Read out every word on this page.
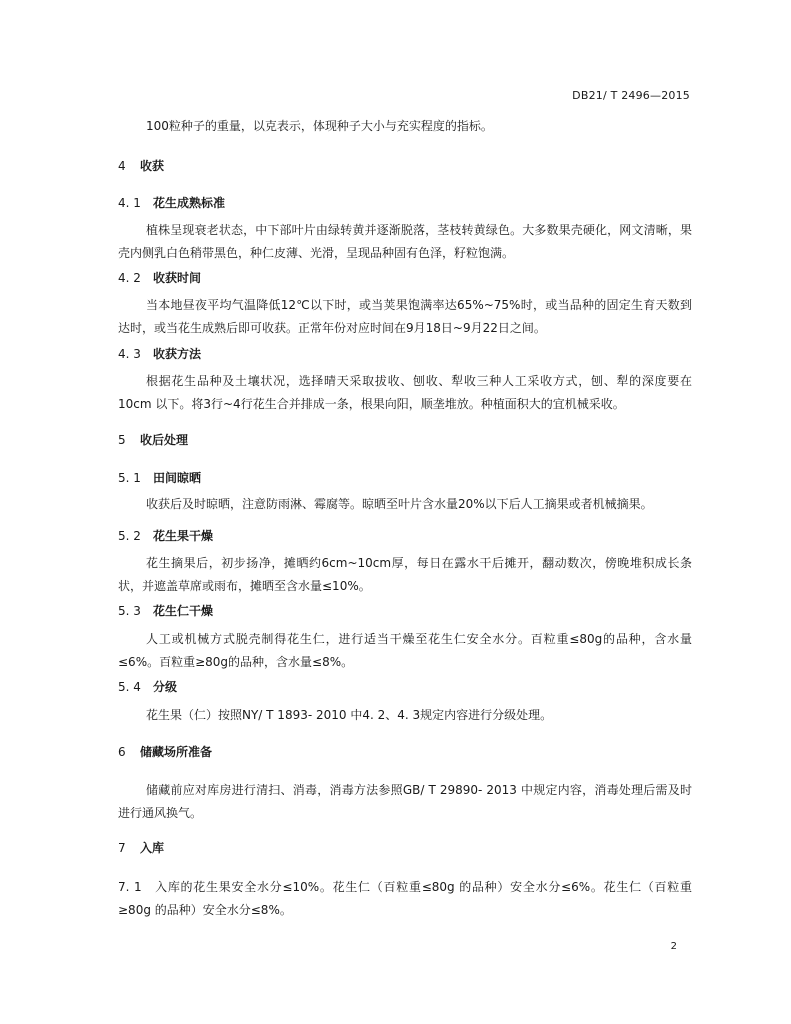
DB21/ T 2496—2015
100粒种子的重量，以克表示，体现种子大小与充实程度的指标。
4 收获
4. 1 花生成熟标准
植株呈现衰老状态，中下部叶片由绿转黄并逐渐脱落，茎枝转黄绿色。大多数果壳硬化，网文清晰，果壳内侧乳白色稍带黑色，种仁皮薄、光滑，呈现品种固有色泽，籽粒饱满。
4. 2 收获时间
当本地昼夜平均气温降低12℃以下时，或当荚果饱满率达65%~75%时，或当品种的固定生育天数到达时，或当花生成熟后即可收获。正常年份对应时间在9月18日~9月22日之间。
4. 3 收获方法
根据花生品种及土壤状况，选择晴天采取拔收、刨收、犁收三种人工采收方式，刨、犁的深度要在10cm 以下。将3行~4行花生合并排成一条，根果向阳，顺垄堆放。种植面积大的宜机械采收。
5 收后处理
5. 1 田间晾晒
收获后及时晾晒，注意防雨淋、霉腐等。晾晒至叶片含水量20%以下后人工摘果或者机械摘果。
5. 2 花生果干燥
花生摘果后，初步扬净，摊晒约6cm~10cm厚，每日在露水干后摊开，翻动数次，傍晚堆积成长条状，并遮盖草席或雨布，摊晒至含水量≤10%。
5. 3 花生仁干燥
人工或机械方式脱壳制得花生仁，进行适当干燥至花生仁安全水分。百粒重≤80g的品种，含水量≤6%。百粒重≥80g的品种，含水量≤8%。
5. 4 分级
花生果（仁）按照NY/ T 1893- 2010 中4. 2、4. 3规定内容进行分级处理。
6 储藏场所准备
储藏前应对库房进行清扫、消毒，消毒方法参照GB/ T 29890- 2013 中规定内容，消毒处理后需及时进行通风换气。
7 入库
7. 1　入库的花生果安全水分≤10%。花生仁（百粒重≤80g 的品种）安全水分≤6%。花生仁（百粒重≥80g 的品种）安全水分≤8%。
2
